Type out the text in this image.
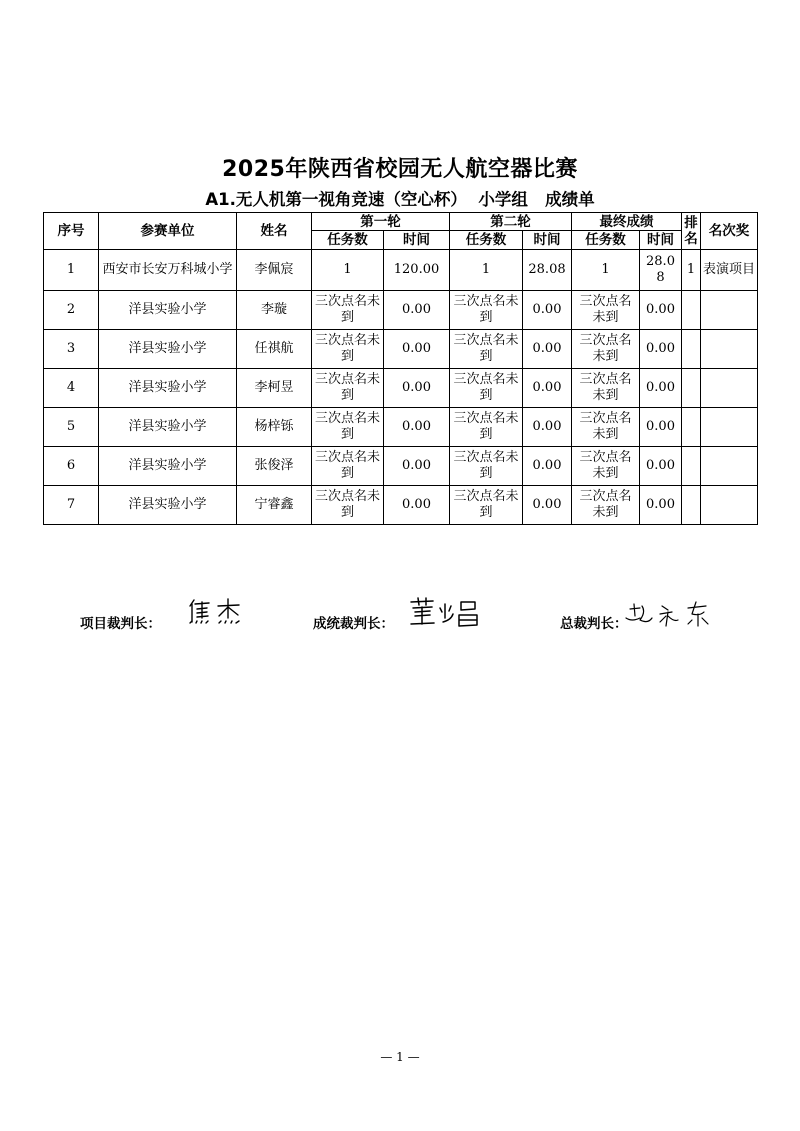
2025年陕西省校园无人航空器比赛
A1.无人机第一视角竞速（空心杯）  小学组   成绩单
序号	参赛单位	姓名	第一轮		第二轮		最终成绩		排名	名次奖
			任务数	时间	任务数	时间	任务数	时间		
1	西安市长安万科城小学	李佩宸	1	120.00	1	28.08	1	28.08	1	表演项目
2	洋县实验小学	李璇	三次点名未到	0.00	三次点名未到	0.00	三次点名未到	0.00		
3	洋县实验小学	任祺航	三次点名未到	0.00	三次点名未到	0.00	三次点名未到	0.00		
4	洋县实验小学	李柯昱	三次点名未到	0.00	三次点名未到	0.00	三次点名未到	0.00		
5	洋县实验小学	杨梓铄	三次点名未到	0.00	三次点名未到	0.00	三次点名未到	0.00		
6	洋县实验小学	张俊泽	三次点名未到	0.00	三次点名未到	0.00	三次点名未到	0.00		
7	洋县实验小学	宁睿鑫	三次点名未到	0.00	三次点名未到	0.00	三次点名未到	0.00		
项目裁判长：	成统裁判长：	总裁判长：
— 1 —
